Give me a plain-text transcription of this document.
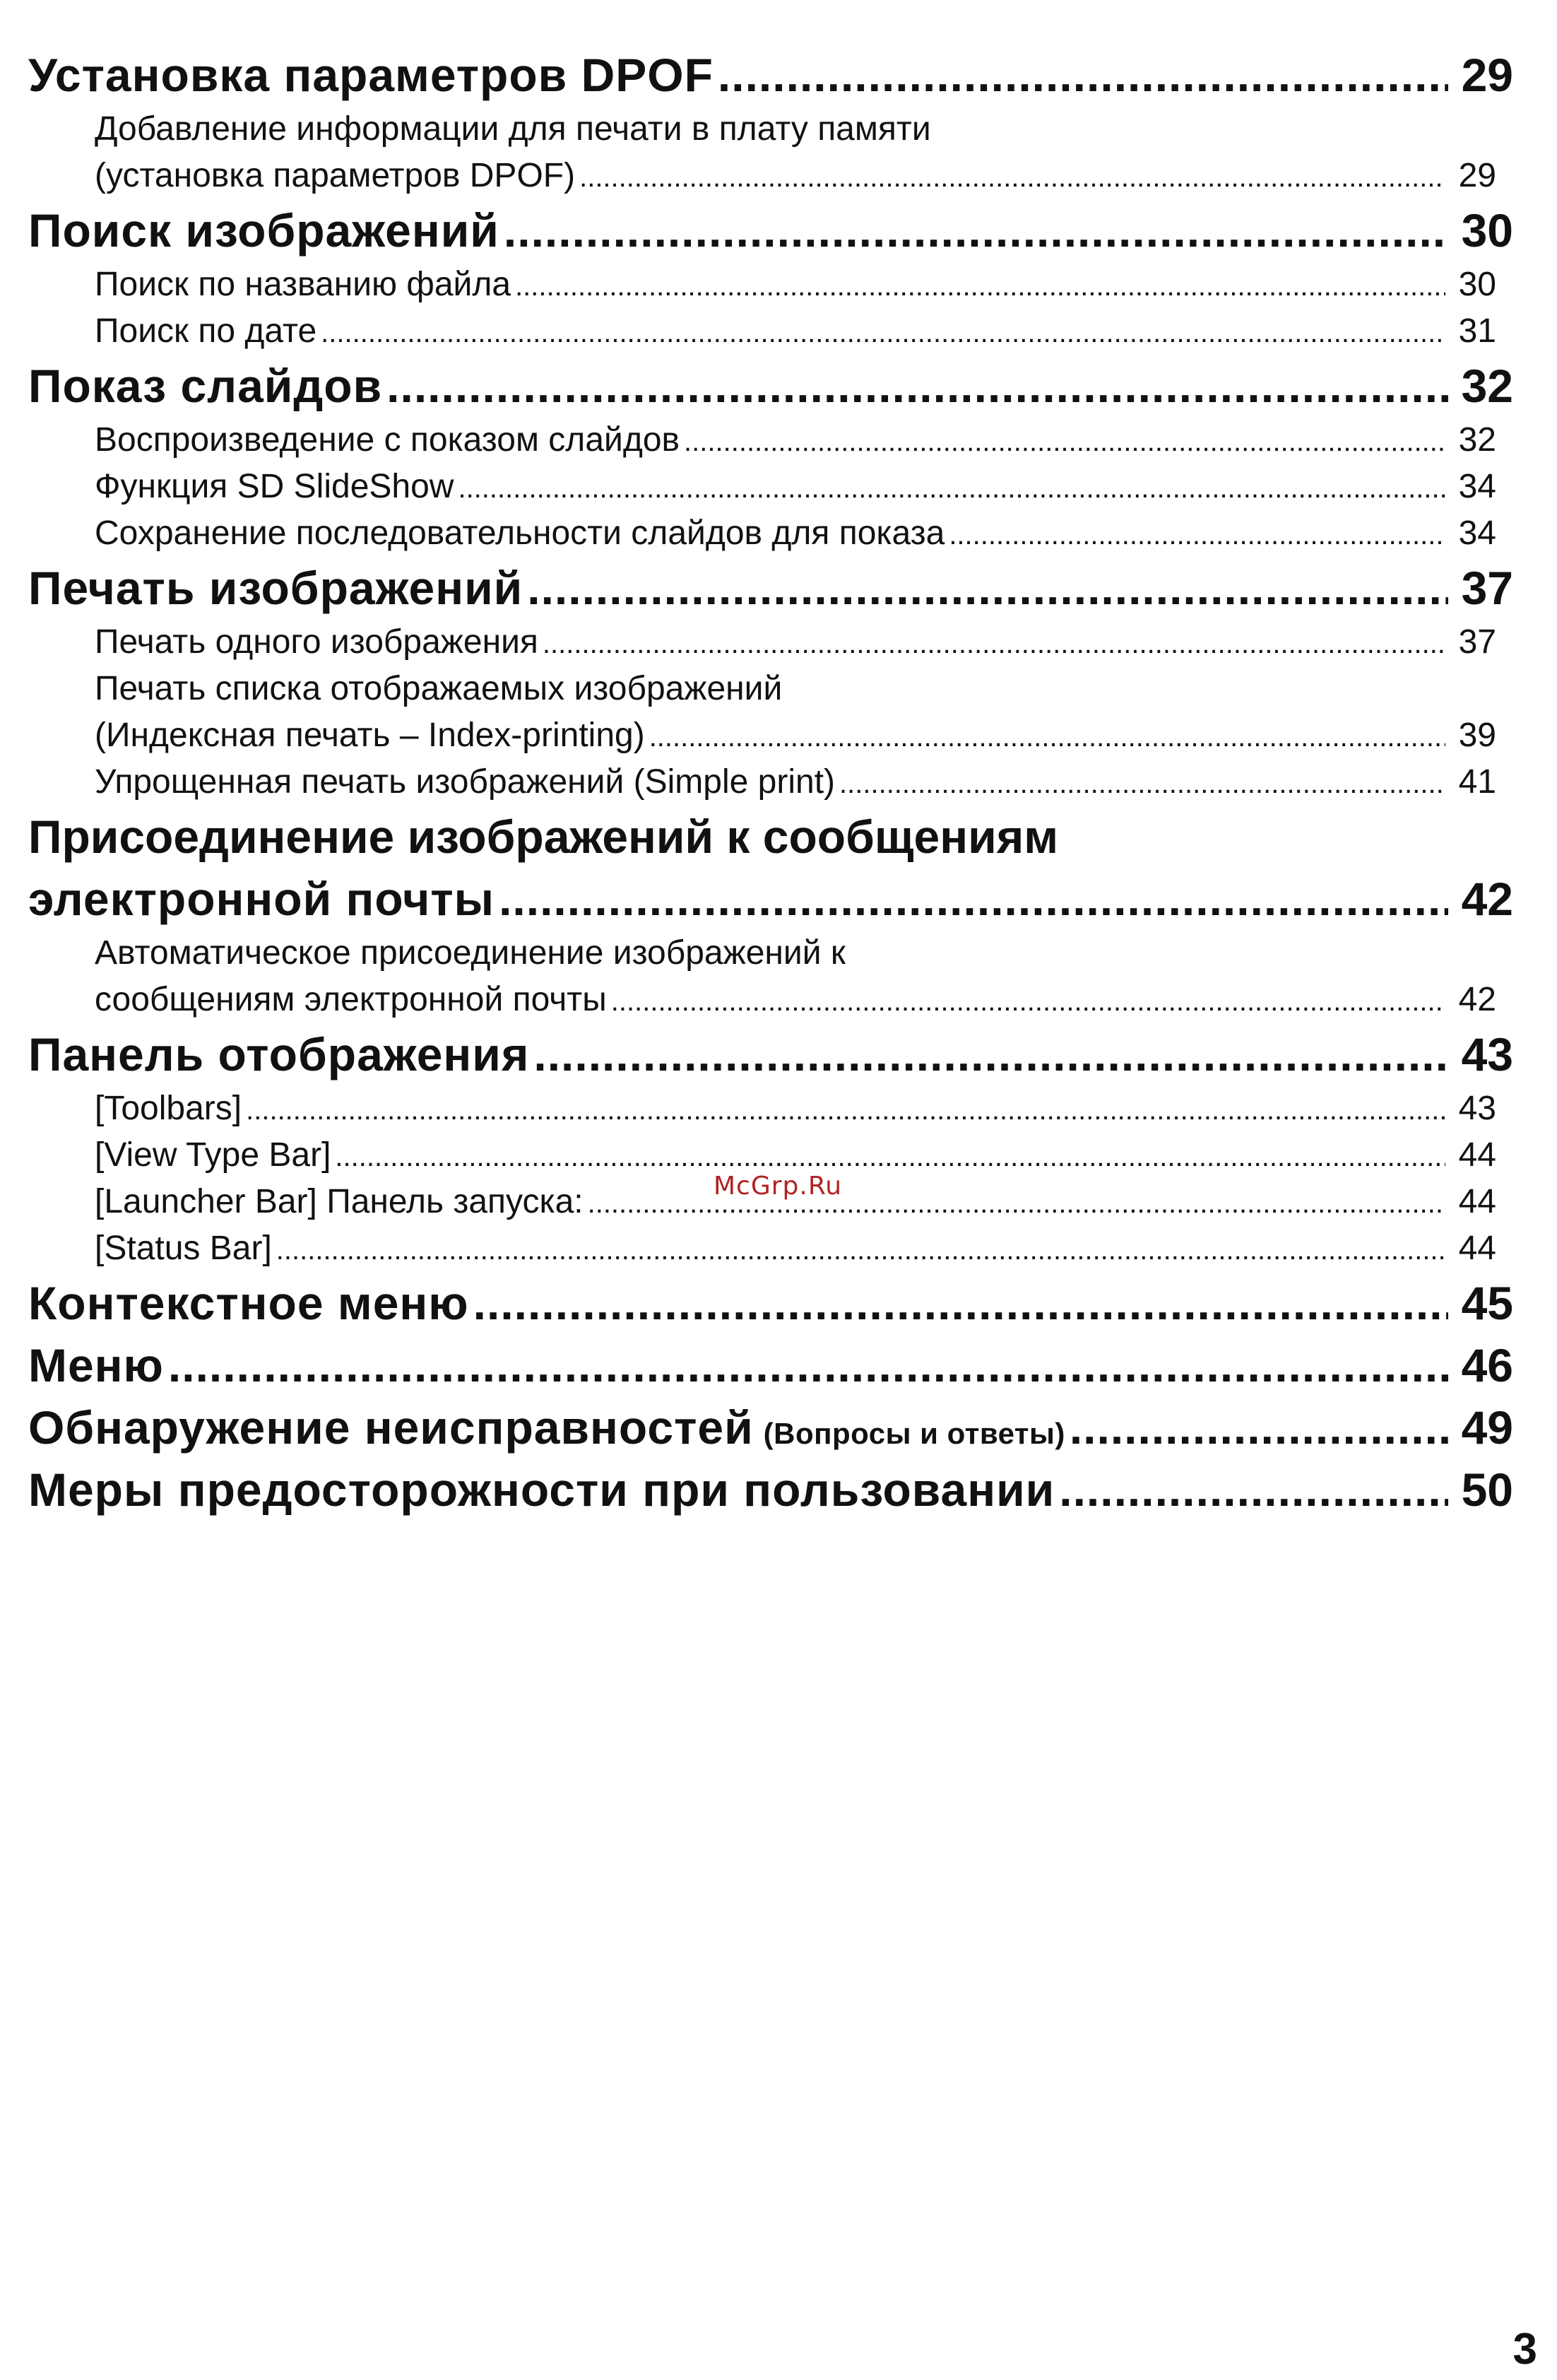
Установка параметров DPOF .....	29
Добавление информации для печати в плату памяти
(установка параметров DPOF) .....	29
Поиск изображений .....	30
Поиск по названию файла .....	30
Поиск по дате .....	31
Показ слайдов .....	32
Воспроизведение с показом слайдов .....	32
Функция SD SlideShow .....	34
Сохранение последовательности слайдов для показа .....	34
Печать изображений .....	37
Печать одного изображения .....	37
Печать списка отображаемых изображений
(Индексная печать – Index-printing) .....	39
Упрощенная печать изображений (Simple print) .....	41
Присоединение изображений к сообщениям
электронной почты .....	42
Автоматическое присоединение изображений к
сообщениям электронной почты .....	42
Панель отображения .....	43
[Toolbars] .....	43
[View Type Bar] .....	44
[Launcher Bar] Панель запуска: .....	44
[Status Bar] .....	44
Контекстное меню .....	45
Меню .....	46
Обнаружение неисправностей (Вопросы и ответы) .....	49
Меры предосторожности при пользовании .....	50
McGrp.Ru
3
